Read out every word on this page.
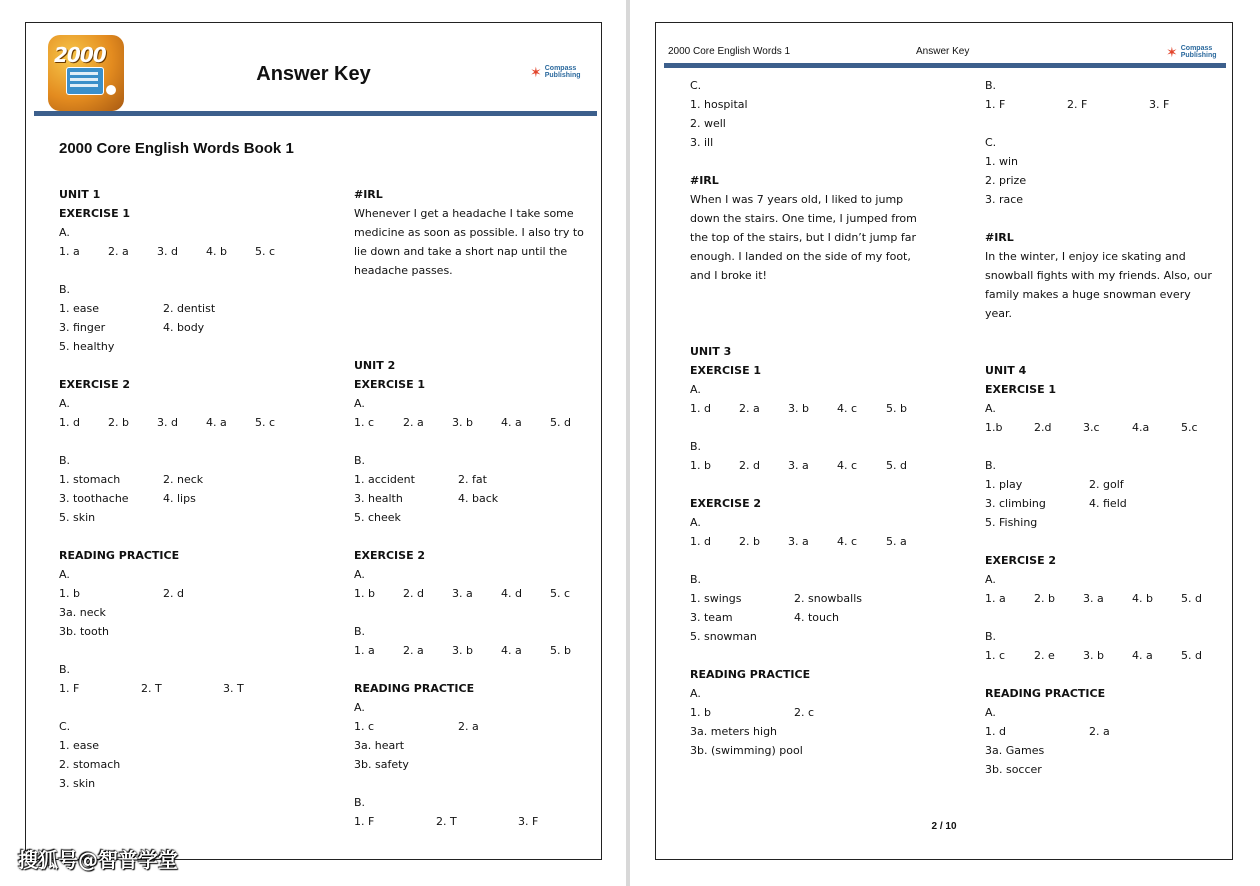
2000
Answer Key	✶ Compass
Publishing
2000 Core English Words Book 1
UNIT 1
EXERCISE 1
A.
1. a	2. a	3. d	4. b	5. c
B.
1. ease	2. dentist
3. finger	4. body
5. healthy
EXERCISE 2
A.
1. d	2. b	3. d	4. a	5. c
B.
1. stomach	2. neck
3. toothache	4. lips
5. skin
READING PRACTICE
A.
1. b	2. d
3a. neck
3b. tooth
B.
1. F	2. T	3. T
C.
1. ease
2. stomach
3. skin
#IRL
Whenever I get a headache I take some medicine as soon as possible. I also try to lie down and take a short nap until the headache passes.
UNIT 2
EXERCISE 1
A.
1. c	2. a	3. b	4. a	5. d
B.
1. accident	2. fat
3. health	4. back
5. cheek
EXERCISE 2
A.
1. b	2. d	3. a	4. d	5. c
B.
1. a	2. a	3. b	4. a	5. b
READING PRACTICE
A.
1. c	2. a
3a. heart
3b. safety
B.
1. F	2. T	3. F
2000 Core English Words 1	Answer Key	✶ Compass
Publishing
C.
1. hospital
2. well
3. ill
#IRL
When I was 7 years old, I liked to jump down the stairs. One time, I jumped from the top of the stairs, but I didn’t jump far enough. I landed on the side of my foot, and I broke it!
UNIT 3
EXERCISE 1
A.
1. d	2. a	3. b	4. c	5. b
B.
1. b	2. d	3. a	4. c	5. d
EXERCISE 2
A.
1. d	2. b	3. a	4. c	5. a
B.
1. swings	2. snowballs
3. team	4. touch
5. snowman
READING PRACTICE
A.
1. b	2. c
3a. meters high
3b. (swimming) pool
B.
1. F	2. F	3. F
C.
1. win
2. prize
3. race
#IRL
In the winter, I enjoy ice skating and snowball fights with my friends. Also, our family makes a huge snowman every year.
UNIT 4
EXERCISE 1
A.
1.b	2.d	3.c	4.a	5.c
B.
1. play	2. golf
3. climbing	4. field
5. Fishing
EXERCISE 2
A.
1. a	2. b	3. a	4. b	5. d
B.
1. c	2. e	3. b	4. a	5. d
READING PRACTICE
A.
1. d	2. a
3a. Games
3b. soccer
2 / 10
搜狐号@智普学堂
